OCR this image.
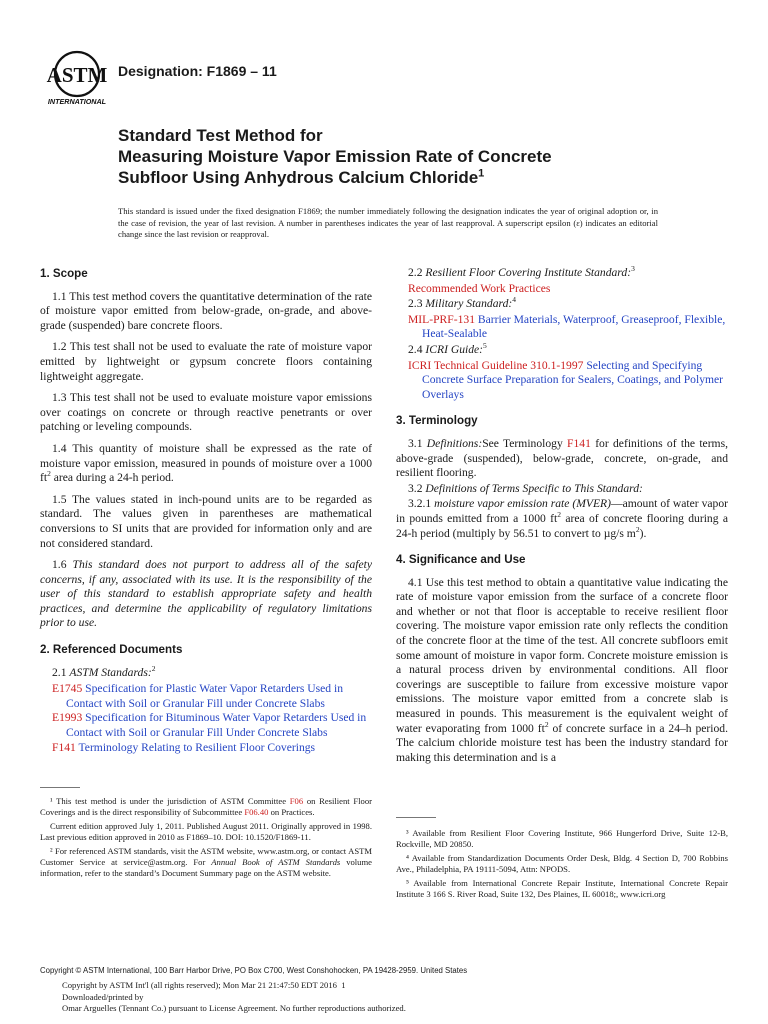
ASTM
INTERNATIONAL
Designation: F1869 – 11
Standard Test Method for
Measuring Moisture Vapor Emission Rate of Concrete
Subfloor Using Anhydrous Calcium Chloride$^1$
This standard is issued under the fixed designation F1869; the number immediately following the designation indicates the year of original adoption or, in the case of revision, the year of last revision. A number in parentheses indicates the year of last reapproval. A superscript epsilon (ε) indicates an editorial change since the last revision or reapproval.
1. Scope

1.1 This test method covers the quantitative determination of the rate of moisture vapor emitted from below-grade, on-grade, and above-grade (suspended) bare concrete floors.

1.2 This test shall not be used to evaluate the rate of moisture vapor emitted by lightweight or gypsum concrete floors containing lightweight aggregate.

1.3 This test shall not be used to evaluate moisture vapor emissions over coatings on concrete or through reactive penetrants or over patching or leveling compounds.

1.4 This quantity of moisture shall be expressed as the rate of moisture vapor emission, measured in pounds of moisture over a 1000 $ft^2$ area during a 24-h period.

1.5 The values stated in inch-pound units are to be regarded as standard. The values given in parentheses are mathematical conversions to SI units that are provided for information only and are not considered standard.

1.6 This standard does not purport to address all of the safety concerns, if any, associated with its use. It is the responsibility of the user of this standard to establish appropriate safety and health practices, and determine the applicability of regulatory limitations prior to use.

2. Referenced Documents

2.1 ASTM Standards:$^2$

E1745 Specification for Plastic Water Vapor Retarders Used in Contact with Soil or Granular Fill under Concrete Slabs

E1993 Specification for Bituminous Water Vapor Retarders Used in Contact with Soil or Granular Fill Under Concrete Slabs

F141 Terminology Relating to Resilient Floor Coverings

2.2 Resilient Floor Covering Institute Standard:$^3$

Recommended Work Practices

2.3 Military Standard:$^4$

MIL-PRF-131 Barrier Materials, Waterproof, Greaseproof, Flexible, Heat-Sealable

2.4 ICRI Guide:$^5$

ICRI Technical Guideline 310.1-1997 Selecting and Specifying Concrete Surface Preparation for Sealers, Coatings, and Polymer Overlays

3. Terminology

3.1 Definitions:See Terminology F141 for definitions of the terms, above-grade (suspended), below-grade, concrete, on-grade, and resilient flooring.

3.2 Definitions of Terms Specific to This Standard:

3.2.1 moisture vapor emission rate (MVER)—amount of water vapor in pounds emitted from a 1000 $ft^2$ area of concrete flooring during a 24-h period (multiply by 56.51 to convert to µg/s $m^2$).

4. Significance and Use

4.1 Use this test method to obtain a quantitative value indicating the rate of moisture vapor emission from the surface of a concrete floor and whether or not that floor is acceptable to receive resilient floor covering. The moisture vapor emission rate only reflects the condition of the concrete floor at the time of the test. All concrete subfloors emit some amount of moisture in vapor form. Concrete moisture emission is a natural process driven by environmental conditions. All floor coverings are susceptible to failure from excessive moisture vapor emissions. The moisture vapor emitted from a concrete slab is measured in pounds. This measurement is the equivalent weight of water evaporating from 1000 $ft^2$ of concrete surface in a 24–h period. The calcium chloride moisture test has been the industry standard for making this determination and is a

¹ This test method is under the jurisdiction of ASTM Committee F06 on Resilient Floor Coverings and is the direct responsibility of Subcommittee F06.40 on Practices.

Current edition approved July 1, 2011. Published August 2011. Originally approved in 1998. Last previous edition approved in 2010 as F1869–10. DOI: 10.1520/F1869-11.

² For referenced ASTM standards, visit the ASTM website, www.astm.org, or contact ASTM Customer Service at service@astm.org. For Annual Book of ASTM Standards volume information, refer to the standard’s Document Summary page on the ASTM website.

³ Available from Resilient Floor Covering Institute, 966 Hungerford Drive, Suite 12-B, Rockville, MD 20850.

⁴ Available from Standardization Documents Order Desk, Bldg. 4 Section D, 700 Robbins Ave., Philadelphia, PA 19111-5094, Attn: NPODS.

⁵ Available from International Concrete Repair Institute, International Concrete Repair Institute 3 166 S. River Road, Suite 132, Des Plaines, IL 60018;, www.icri.org

Copyright © ASTM International, 100 Barr Harbor Drive, PO Box C700, West Conshohocken, PA 19428-2959. United States
Copyright by ASTM Int'l (all rights reserved); Mon Mar 21 21:47:50 EDT 2016 1
Downloaded/printed by
Omar Arguelles (Tennant Co.) pursuant to License Agreement. No further reproductions authorized.
